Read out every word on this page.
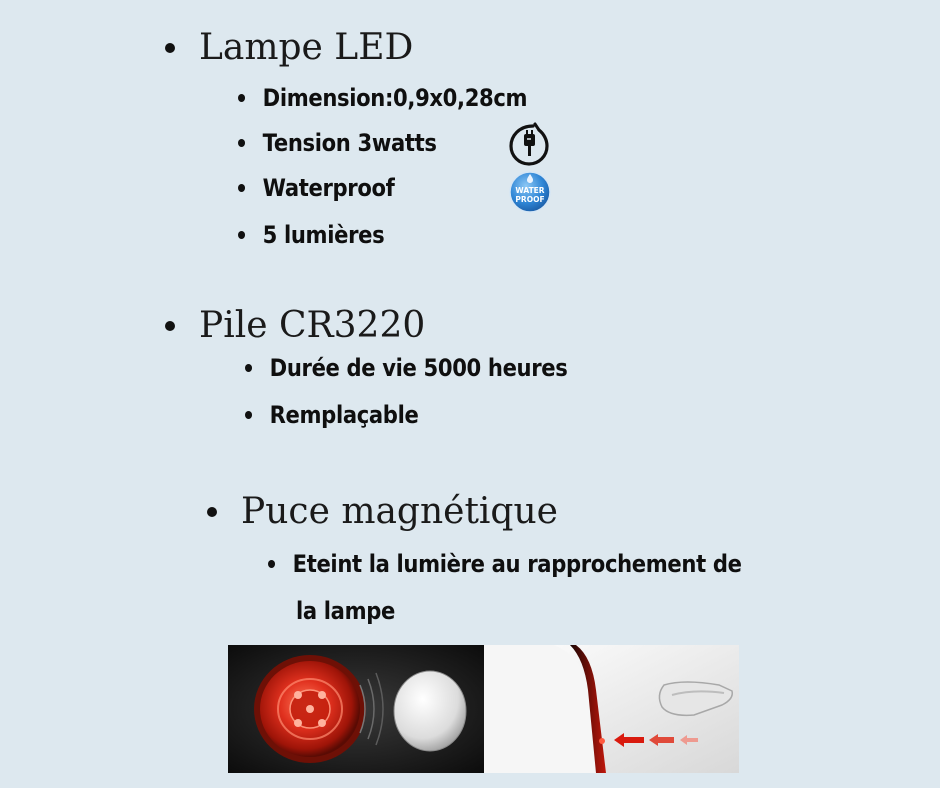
Lampe LED
Dimension:0,9x0,28cm
Tension 3watts
Waterproof
5 lumières
WATER
PROOF
Pile CR3220
Durée de vie 5000 heures
Remplaçable
Puce magnétique
Eteint la lumière au rapprochement de
la lampe
